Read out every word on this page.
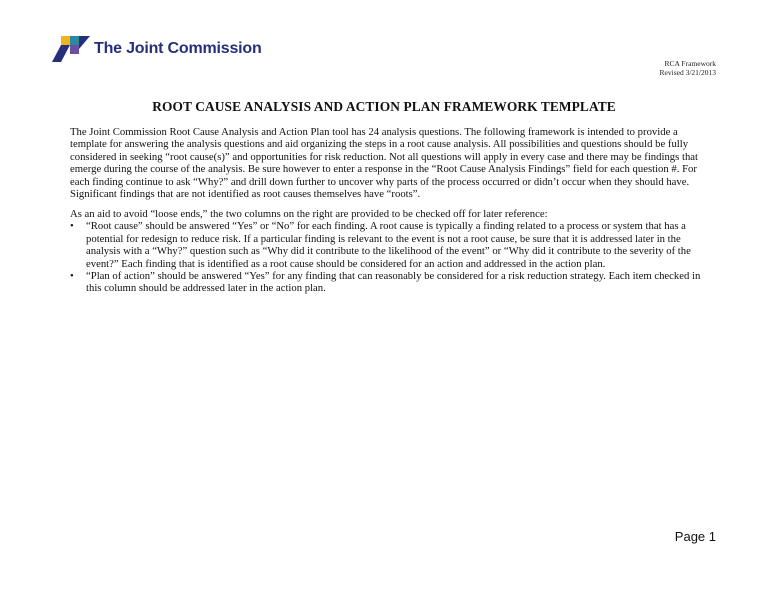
The Joint Commission
RCA Framework
Revised 3/21/2013
ROOT CAUSE ANALYSIS AND ACTION PLAN FRAMEWORK TEMPLATE

The Joint Commission Root Cause Analysis and Action Plan tool has 24 analysis questions. The following framework is intended to provide a template for answering the analysis questions and aid organizing the steps in a root cause analysis. All possibilities and questions should be fully considered in seeking “root cause(s)” and opportunities for risk reduction. Not all questions will apply in every case and there may be findings that emerge during the course of the analysis. Be sure however to enter a response in the “Root Cause Analysis Findings” field for each question #. For each finding continue to ask “Why?” and drill down further to uncover why parts of the process occurred or didn’t occur when they should have. Significant findings that are not identified as root causes themselves have “roots”.

As an aid to avoid “loose ends,” the two columns on the right are provided to be checked off for later reference:

• “Root cause” should be answered “Yes” or “No” for each finding. A root cause is typically a finding related to a process or system that has a potential for redesign to reduce risk. If a particular finding is relevant to the event is not a root cause, be sure that it is addressed later in the analysis with a “Why?” question such as “Why did it contribute to the likelihood of the event” or “Why did it contribute to the severity of the event?” Each finding that is identified as a root cause should be considered for an action and addressed in the action plan.
• “Plan of action” should be answered “Yes” for any finding that can reasonably be considered for a risk reduction strategy. Each item checked in this column should be addressed later in the action plan.
Page 1
